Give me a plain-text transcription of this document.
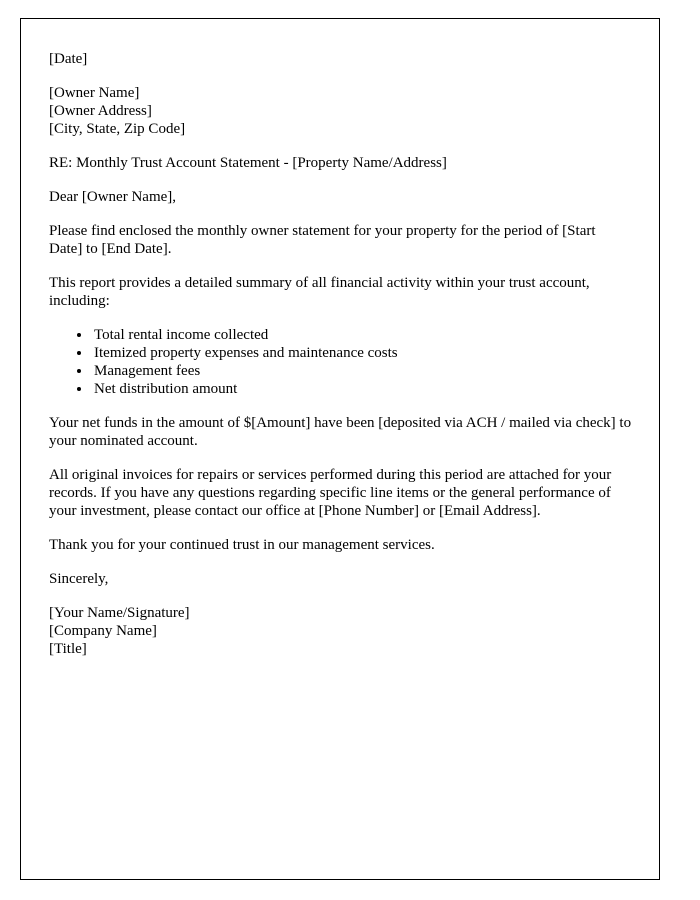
[Date]

[Owner Name]

[Owner Address]

[City, State, Zip Code]

RE: Monthly Trust Account Statement - [Property Name/Address]

Dear [Owner Name],

Please find enclosed the monthly owner statement for your property for the period of [Start Date] to [End Date].

This report provides a detailed summary of all financial activity within your trust account, including:

• Total rental income collected
• Itemized property expenses and maintenance costs
• Management fees
• Net distribution amount

Your net funds in the amount of $[Amount] have been [deposited via ACH / mailed via check] to your nominated account.

All original invoices for repairs or services performed during this period are attached for your records. If you have any questions regarding specific line items or the general performance of your investment, please contact our office at [Phone Number] or [Email Address].

Thank you for your continued trust in our management services.

Sincerely,

[Your Name/Signature]

[Company Name]

[Title]
